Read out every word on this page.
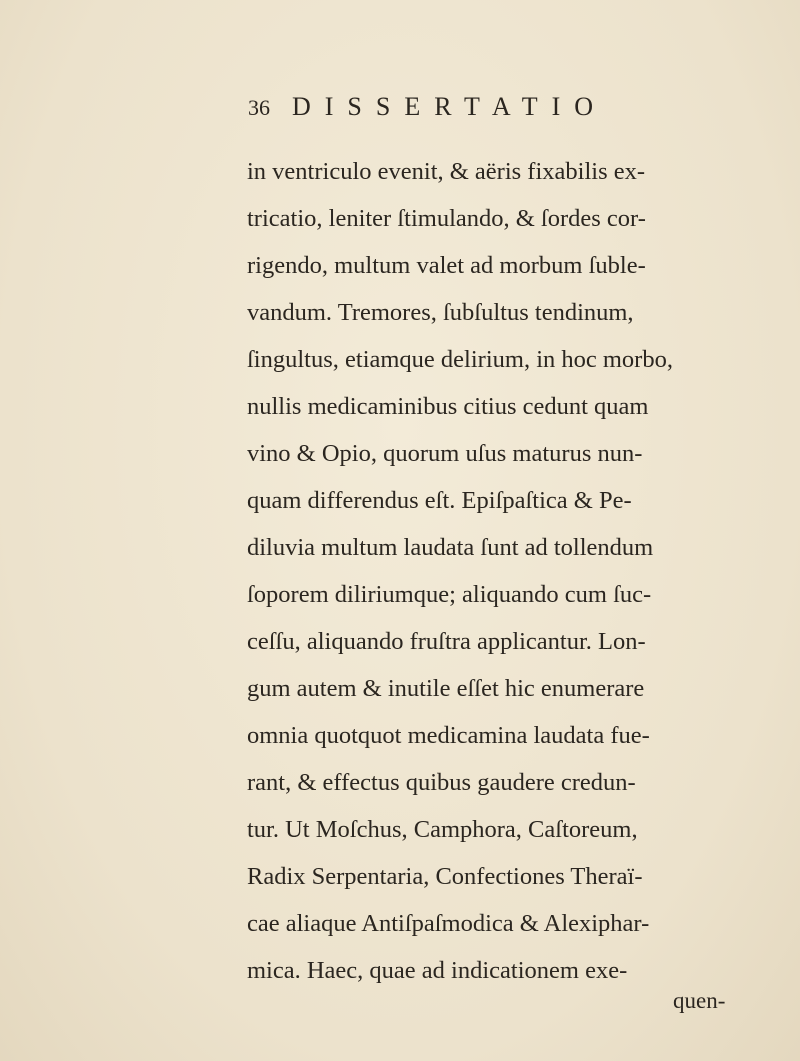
36 DISSERTATIO
in ventriculo evenit, & aëris fixabilis ex-
tricatio, leniter ſtimulando, & ſordes cor-
rigendo, multum valet ad morbum ſuble-
vandum. Tremores, ſubſultus tendinum,
ſingultus, etiamque delirium, in hoc morbo,
nullis medicaminibus citius cedunt quam
vino & Opio, quorum uſus maturus nun-
quam differendus eſt. Epiſpaſtica & Pe-
diluvia multum laudata ſunt ad tollendum
ſoporem diliriumque; aliquando cum ſuc-
ceſſu, aliquando fruſtra applicantur. Lon-
gum autem & inutile eſſet hic enumerare
omnia quotquot medicamina laudata fue-
rant, & effectus quibus gaudere credun-
tur. Ut Moſchus, Camphora, Caſtoreum,
Radix Serpentaria, Confectiones Theraï-
cae aliaque Antiſpaſmodica & Alexiphar-
mica. Haec, quae ad indicationem exe-
quen-
